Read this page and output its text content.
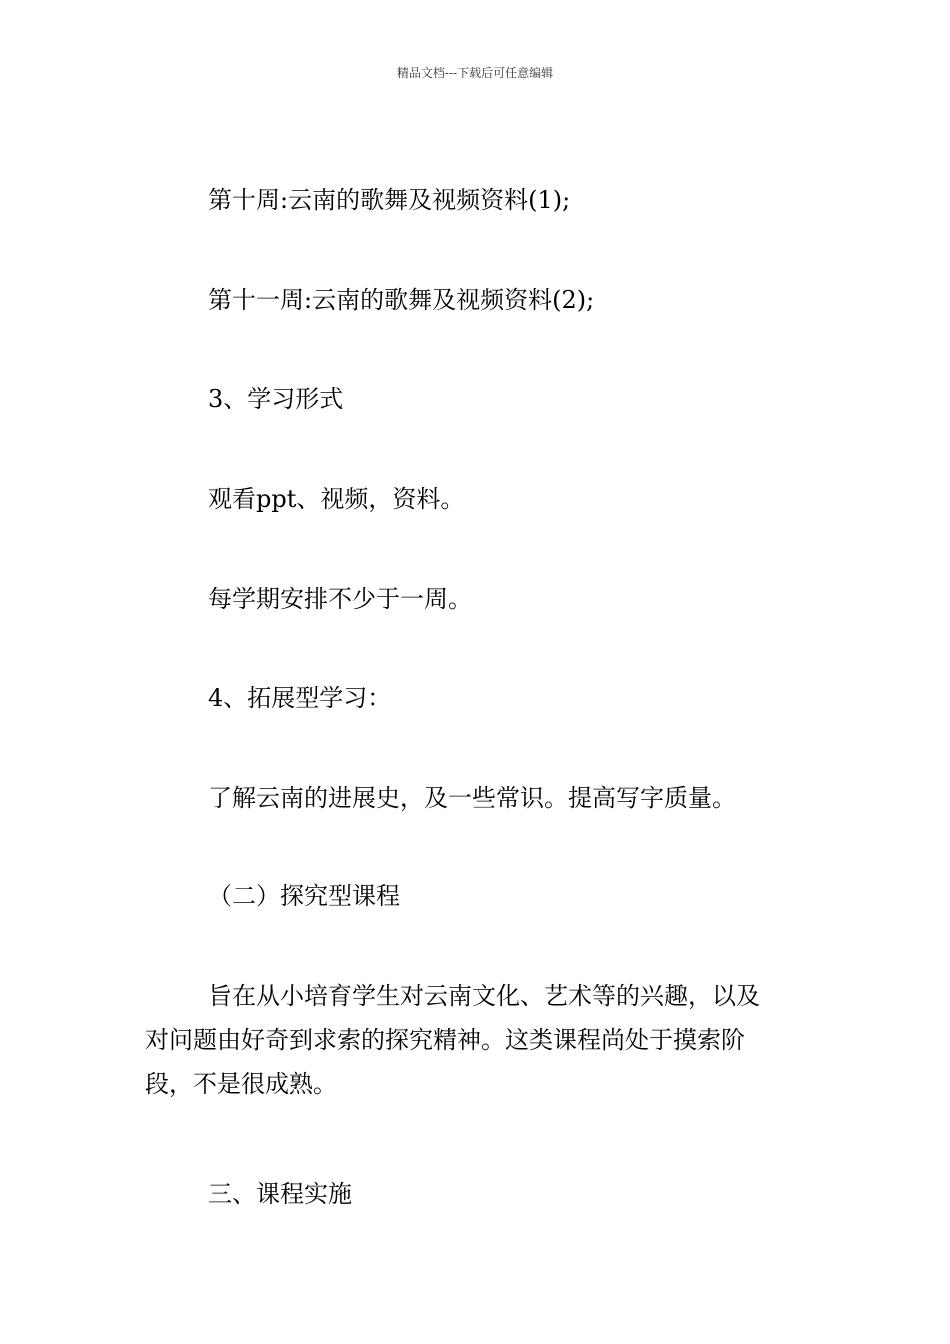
精品文档---下载后可任意编辑
第十周:云南的歌舞及视频资料(1);
第十一周:云南的歌舞及视频资料(2);
3、学习形式
观看ppt、视频，资料。
每学期安排不少于一周。
4、拓展型学习：
了解云南的进展史，及一些常识。提高写字质量。
（二）探究型课程
旨在从小培育学生对云南文化、艺术等的兴趣，以及
对问题由好奇到求索的探究精神。这类课程尚处于摸索阶
段，不是很成熟。
三、课程实施
